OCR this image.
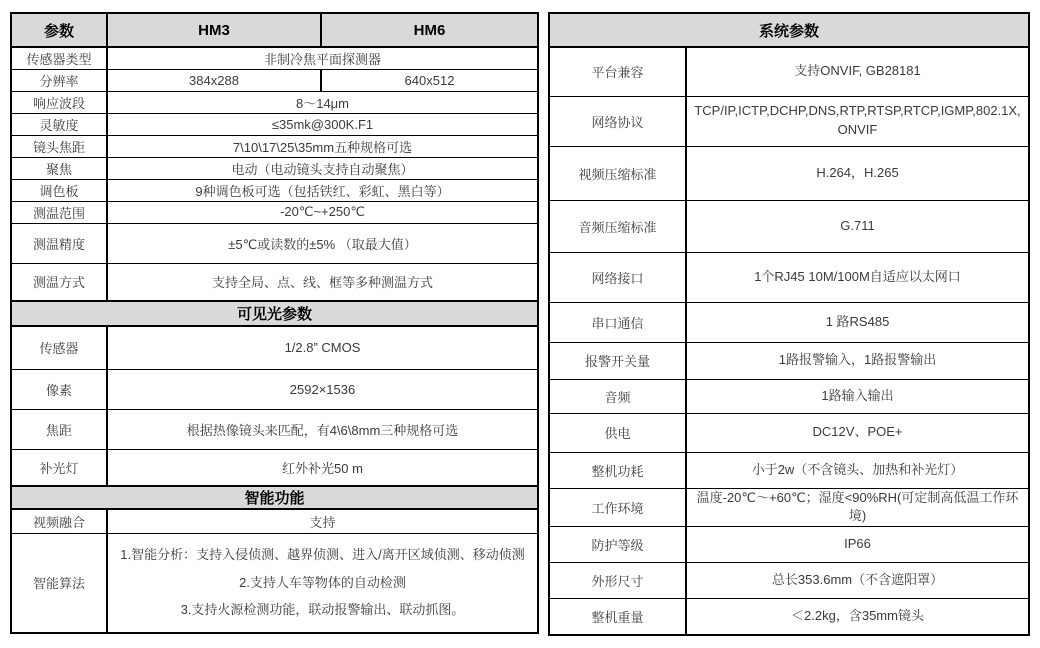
参数	HM3	HM6
传感器类型	非制冷焦平面探测器	
分辨率	384x288	640x512
响应波段	8～14μm	
灵敏度	≤35mk@300K.F1	
镜头焦距	7\10\17\25\35mm五种规格可选	
聚焦	电动（电动镜头支持自动聚焦）	
调色板	9种调色板可选（包括铁红、彩虹、黑白等）	
测温范围	-20℃~+250℃	
测温精度	±5℃或读数的±5% （取最大值）	
测温方式	支持全局、点、线、框等多种测温方式	
可见光参数		
传感器	1/2.8” CMOS	
像素	2592×1536	
焦距	根据热像镜头来匹配，有4\6\8mm三种规格可选	
补光灯	红外补光50 m	
智能功能		
视频融合	支持	
智能算法	1.智能分析：支持入侵侦测、越界侦测、进入/离开区域侦测、移动侦测
2.支持人车等物体的自动检测
3.支持火源检测功能，联动报警输出、联动抓图。	
系统参数	
平台兼容	支持ONVIF, GB28181
网络协议	TCP/IP,ICTP,DCHP,DNS,RTP,RTSP,RTCP,IGMP,802.1X,ONVIF
视频压缩标准	H.264，H.265
音频压缩标准	G.711
网络接口	1个RJ45 10M/100M自适应以太网口
串口通信	1 路RS485
报警开关量	1路报警输入，1路报警输出
音频	1路输入输出
供电	DC12V、POE+
整机功耗	小于2w（不含镜头、加热和补光灯）
工作环境	温度-20℃～+60℃；湿度<90%RH(可定制高低温工作环境)
防护等级	IP66
外形尺寸	总长353.6mm（不含遮阳罩）
整机重量	＜2.2kg，含35mm镜头
